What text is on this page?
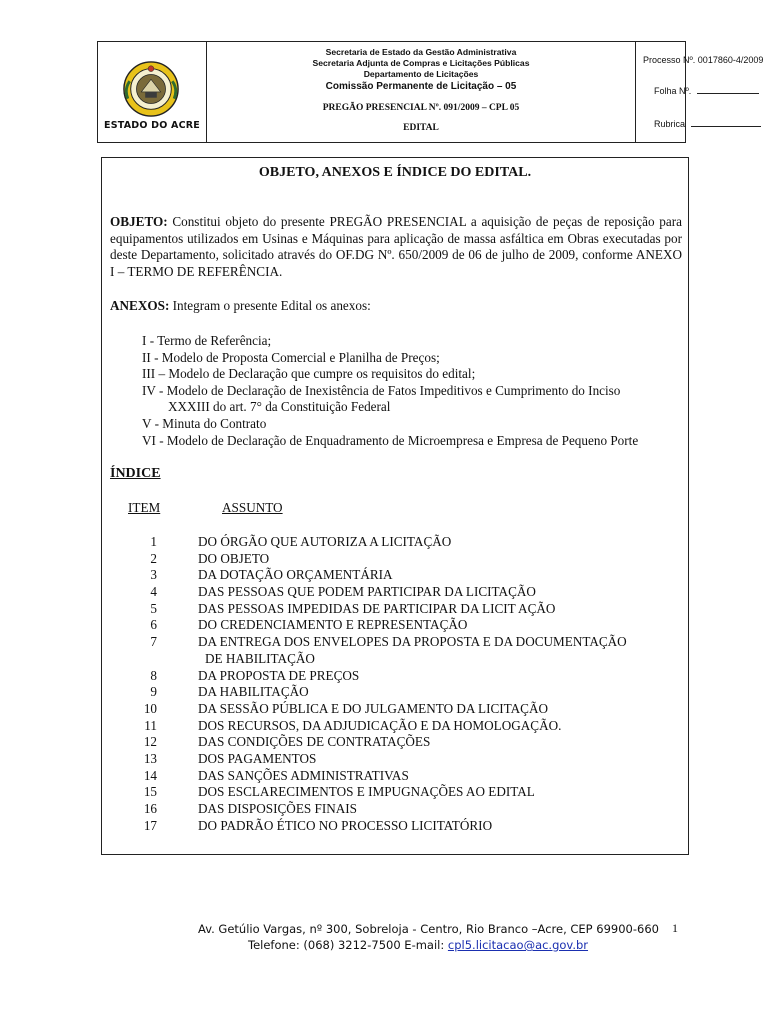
ESTADO DO ACRE
Secretaria de Estado da Gestão Administrativa
Secretaria Adjunta de Compras e Licitações Públicas
Departamento de Licitações
Comissão Permanente de Licitação – 05
PREGÃO PRESENCIAL Nº. 091/2009 – CPL 05
EDITAL
Processo Nº. 0017860-4/2009
Folha Nº.
Rubrica
OBJETO, ANEXOS E ÍNDICE DO EDITAL.
OBJETO: Constitui objeto do presente PREGÃO PRESENCIAL a aquisição de peças de reposição para equipamentos utilizados em Usinas e Máquinas para aplicação de massa asfáltica em Obras executadas por deste Departamento, solicitado através do OF.DG Nº. 650/2009 de 06 de julho de 2009, conforme ANEXO I – TERMO DE REFERÊNCIA.
ANEXOS: Integram o presente Edital os anexos:
I - Termo de Referência;
II - Modelo de Proposta Comercial e Planilha de Preços;
III – Modelo de Declaração que cumpre os requisitos do edital;
IV - Modelo de Declaração de Inexistência de Fatos Impeditivos e Cumprimento do Inciso
XXXIII do art. 7° da Constituição Federal
V - Minuta do Contrato
VI - Modelo de Declaração de Enquadramento de Microempresa e Empresa de Pequeno Porte
ÍNDICE
ITEM	ASSUNTO
1	DO ÓRGÃO QUE AUTORIZA A LICITAÇÃO
2	DO OBJETO
3	DA DOTAÇÃO ORÇAMENTÁRIA
4	DAS PESSOAS QUE PODEM PARTICIPAR DA LICITAÇÃO
5	DAS PESSOAS IMPEDIDAS DE PARTICIPAR DA LICIT AÇÃO
6	DO CREDENCIAMENTO E REPRESENTAÇÃO
7	DA ENTREGA DOS ENVELOPES DA PROPOSTA E DA DOCUMENTAÇÃO
DE HABILITAÇÃO
8	DA PROPOSTA DE PREÇOS
9	DA HABILITAÇÃO
10	DA SESSÃO PÚBLICA E DO JULGAMENTO DA LICITAÇÃO
11	DOS RECURSOS, DA ADJUDICAÇÃO E DA HOMOLOGAÇÃO.
12	DAS CONDIÇÕES DE CONTRATAÇÕES
13	DOS PAGAMENTOS
14	DAS SANÇÕES ADMINISTRATIVAS
15	DOS ESCLARECIMENTOS E IMPUGNAÇÕES AO EDITAL
16	DAS DISPOSIÇÕES FINAIS
17	DO PADRÃO ÉTICO NO PROCESSO LICITATÓRIO
Av. Getúlio Vargas, nº 300, Sobreloja - Centro, Rio Branco –Acre, CEP 69900-660
Telefone: (068) 3212-7500 E-mail: cpl5.licitacao@ac.gov.br
1
